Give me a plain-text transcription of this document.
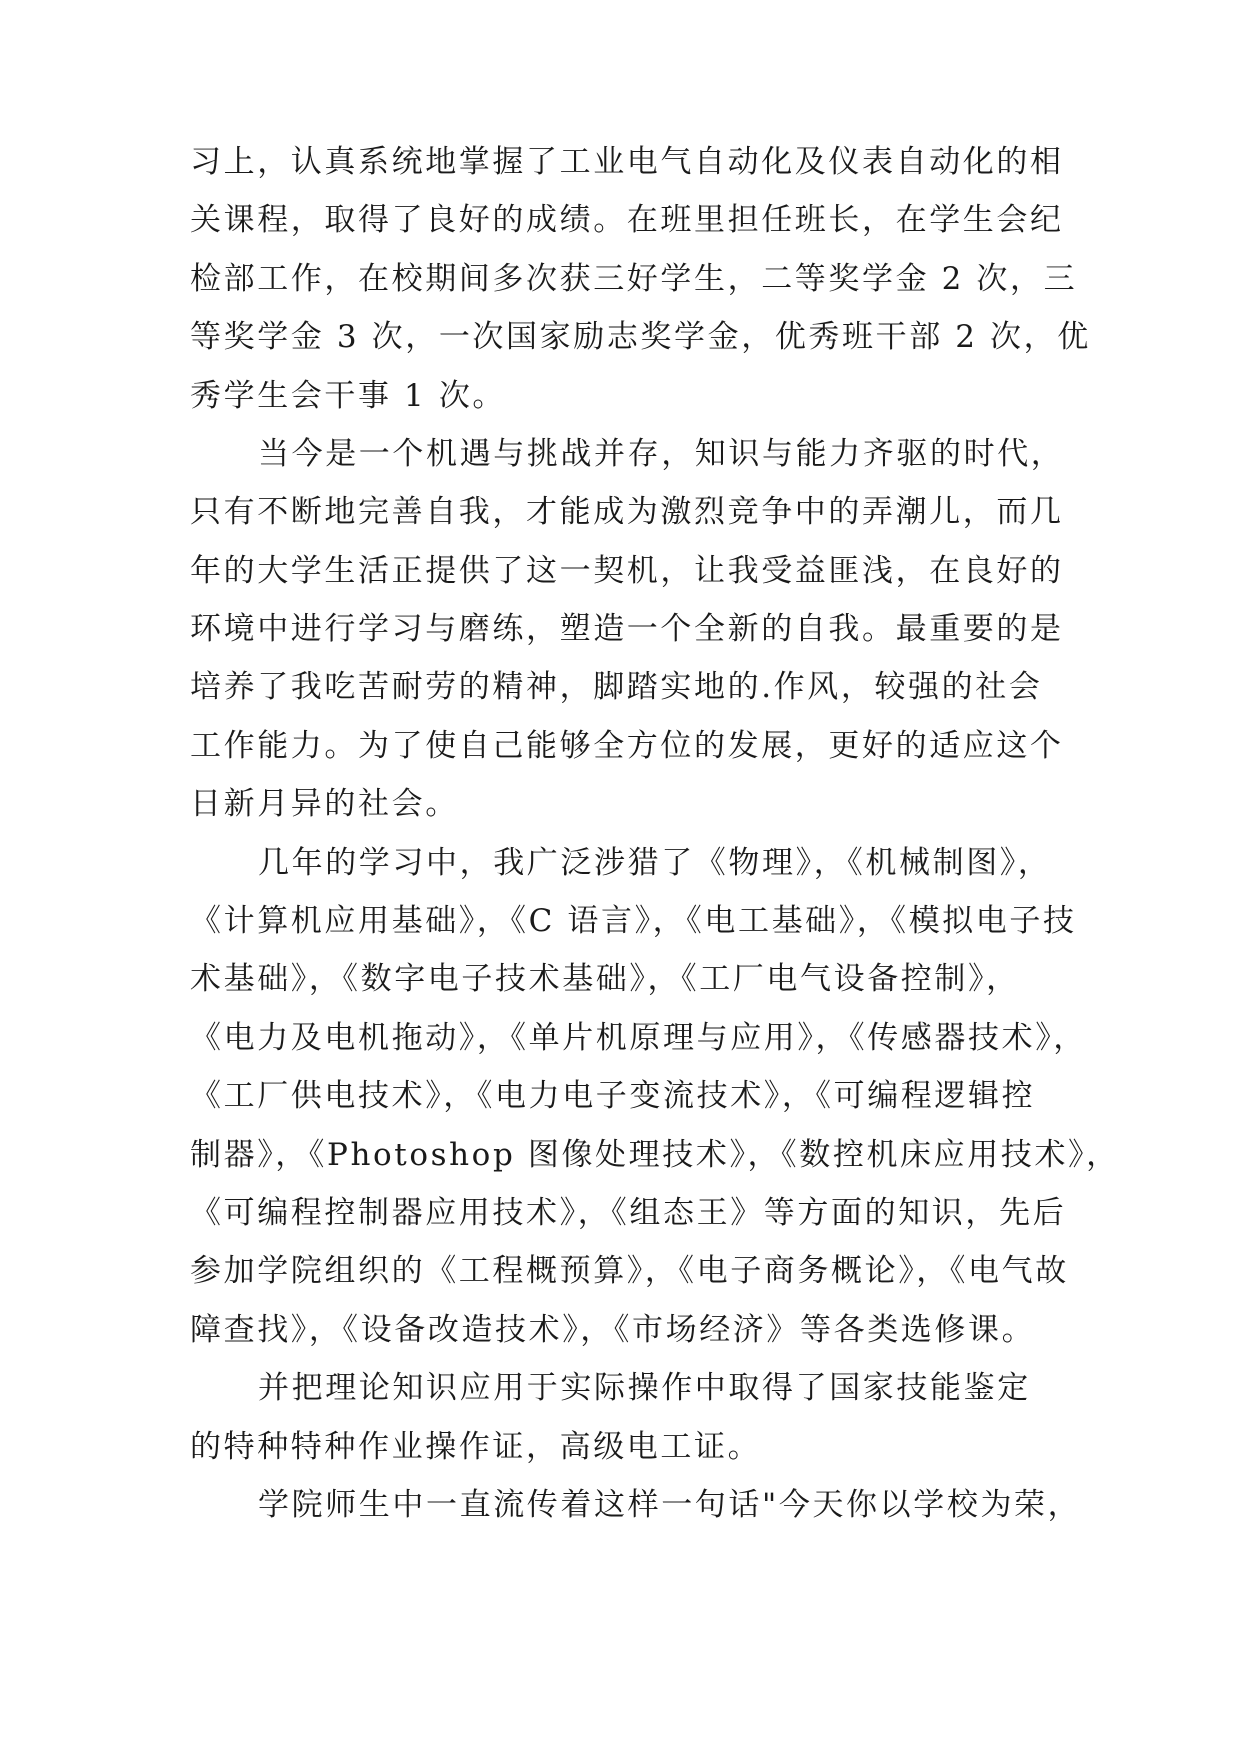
习上，认真系统地掌握了工业电气自动化及仪表自动化的相
关课程，取得了良好的成绩。在班里担任班长，在学生会纪
检部工作，在校期间多次获三好学生，二等奖学金 2 次，三
等奖学金 3 次，一次国家励志奖学金，优秀班干部 2 次，优
秀学生会干事 1 次。
当今是一个机遇与挑战并存，知识与能力齐驱的时代，
只有不断地完善自我，才能成为激烈竞争中的弄潮儿，而几
年的大学生活正提供了这一契机，让我受益匪浅，在良好的
环境中进行学习与磨练，塑造一个全新的自我。最重要的是
培养了我吃苦耐劳的精神，脚踏实地的.作风，较强的社会
工作能力。为了使自己能够全方位的发展，更好的适应这个
日新月异的社会。
几年的学习中，我广泛涉猎了《物理》，《机械制图》，
《计算机应用基础》，《C 语言》，《电工基础》，《模拟电子技
术基础》，《数字电子技术基础》，《工厂电气设备控制》，
《电力及电机拖动》，《单片机原理与应用》，《传感器技术》，
《工厂供电技术》，《电力电子变流技术》，《可编程逻辑控
制器》，《Photoshop 图像处理技术》，《数控机床应用技术》，
《可编程控制器应用技术》，《组态王》等方面的知识，先后
参加学院组织的《工程概预算》，《电子商务概论》，《电气故
障查找》，《设备改造技术》，《市场经济》等各类选修课。
并把理论知识应用于实际操作中取得了国家技能鉴定
的特种特种作业操作证，高级电工证。
学院师生中一直流传着这样一句话"今天你以学校为荣，
